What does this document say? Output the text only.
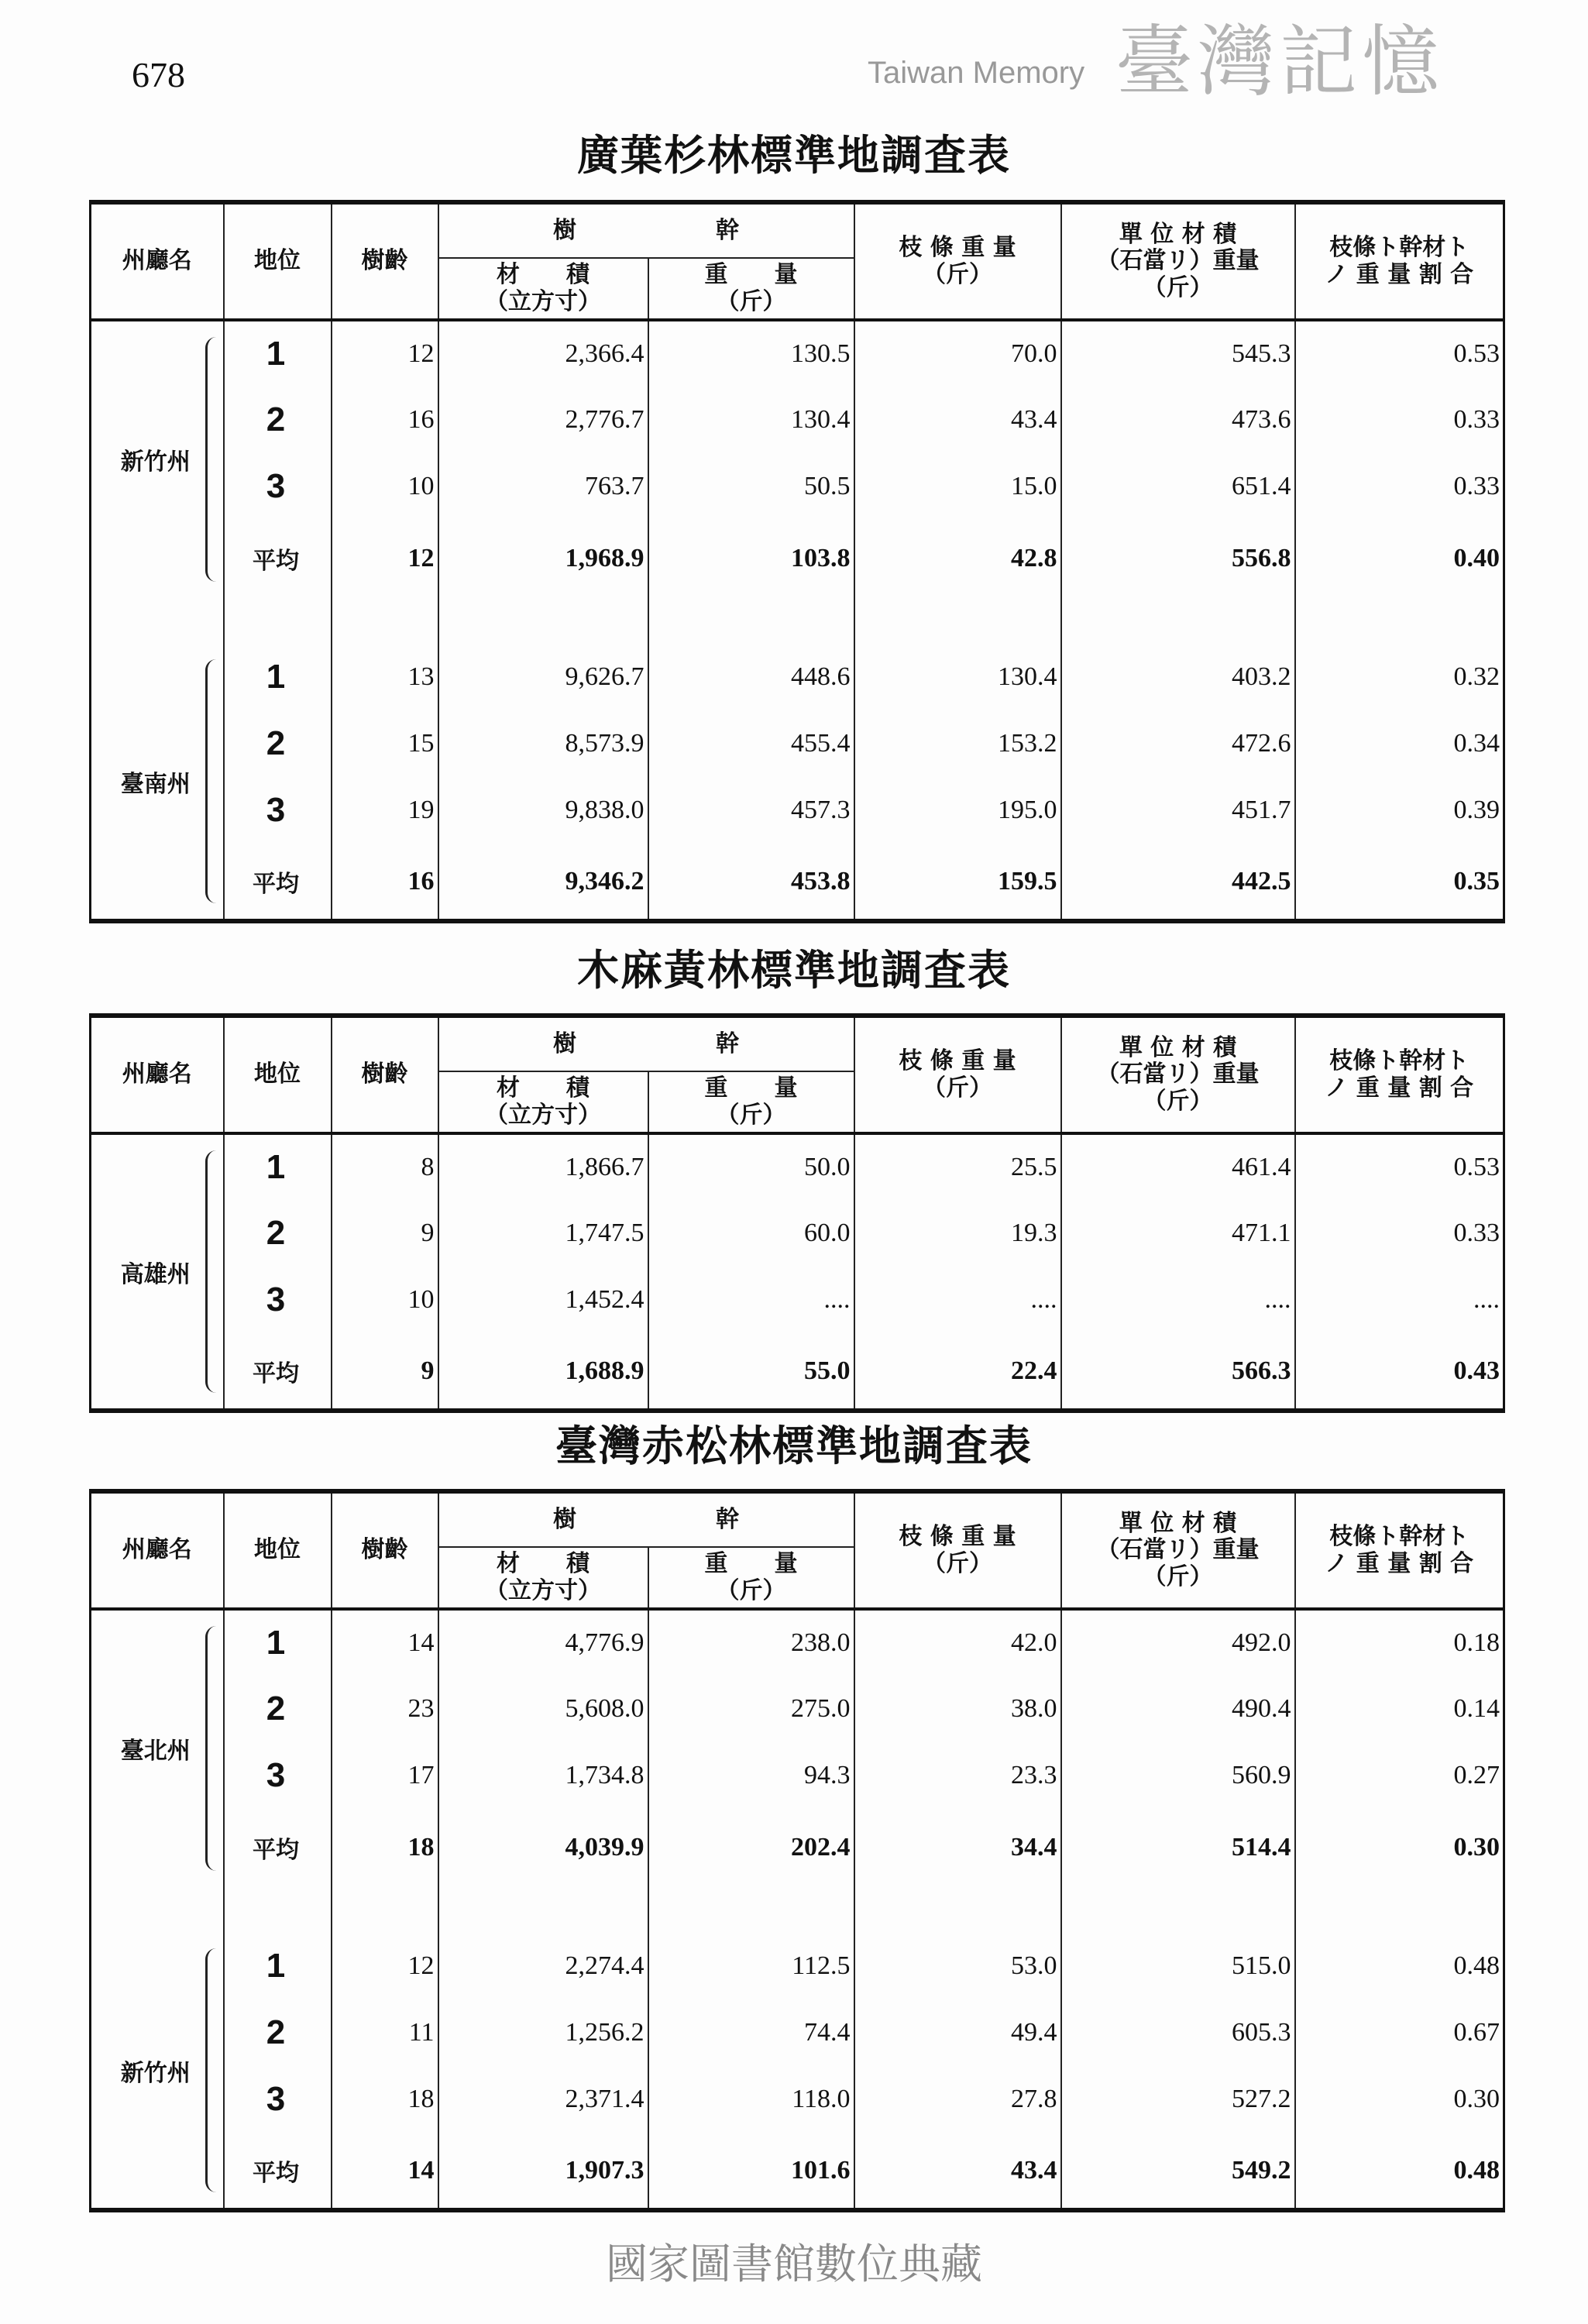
678	Taiwan Memory 臺灣記憶
廣葉杉林標準地調査表
州廳名	地位	樹齡	樹　　　　　　幹		枝 條 重 量
（斤）	單 位 材 積
（石當リ）重量
（斤）	枝條ト幹材ト
ノ 重 量 割 合
			材　　積
（立方寸）	重　　量
（斤）			
新竹州	1	12	2,366.4	130.5	70.0	545.3	0.53
	2	16	2,776.7	130.4	43.4	473.6	0.33
	3	10	763.7	50.5	15.0	651.4	0.33
	平均	12	1,968.9	103.8	42.8	556.8	0.40

臺南州	1	13	9,626.7	448.6	130.4	403.2	0.32
	2	15	8,573.9	455.4	153.2	472.6	0.34
	3	19	9,838.0	457.3	195.0	451.7	0.39
	平均	16	9,346.2	453.8	159.5	442.5	0.35
木麻黃林標準地調査表
州廳名	地位	樹齡	樹　　　　　　幹		枝 條 重 量
（斤）	單 位 材 積
（石當リ）重量
（斤）	枝條ト幹材ト
ノ 重 量 割 合
			材　　積
（立方寸）	重　　量
（斤）			
高雄州	1	8	1,866.7	50.0	25.5	461.4	0.53
	2	9	1,747.5	60.0	19.3	471.1	0.33
	3	10	1,452.4	....	....	....	....
	平均	9	1,688.9	55.0	22.4	566.3	0.43
臺灣赤松林標準地調査表
州廳名	地位	樹齡	樹　　　　　　幹		枝 條 重 量
（斤）	單 位 材 積
（石當リ）重量
（斤）	枝條ト幹材ト
ノ 重 量 割 合
			材　　積
（立方寸）	重　　量
（斤）			
臺北州	1	14	4,776.9	238.0	42.0	492.0	0.18
	2	23	5,608.0	275.0	38.0	490.4	0.14
	3	17	1,734.8	94.3	23.3	560.9	0.27
	平均	18	4,039.9	202.4	34.4	514.4	0.30

新竹州	1	12	2,274.4	112.5	53.0	515.0	0.48
	2	11	1,256.2	74.4	49.4	605.3	0.67
	3	18	2,371.4	118.0	27.8	527.2	0.30
	平均	14	1,907.3	101.6	43.4	549.2	0.48
國家圖書館數位典藏
